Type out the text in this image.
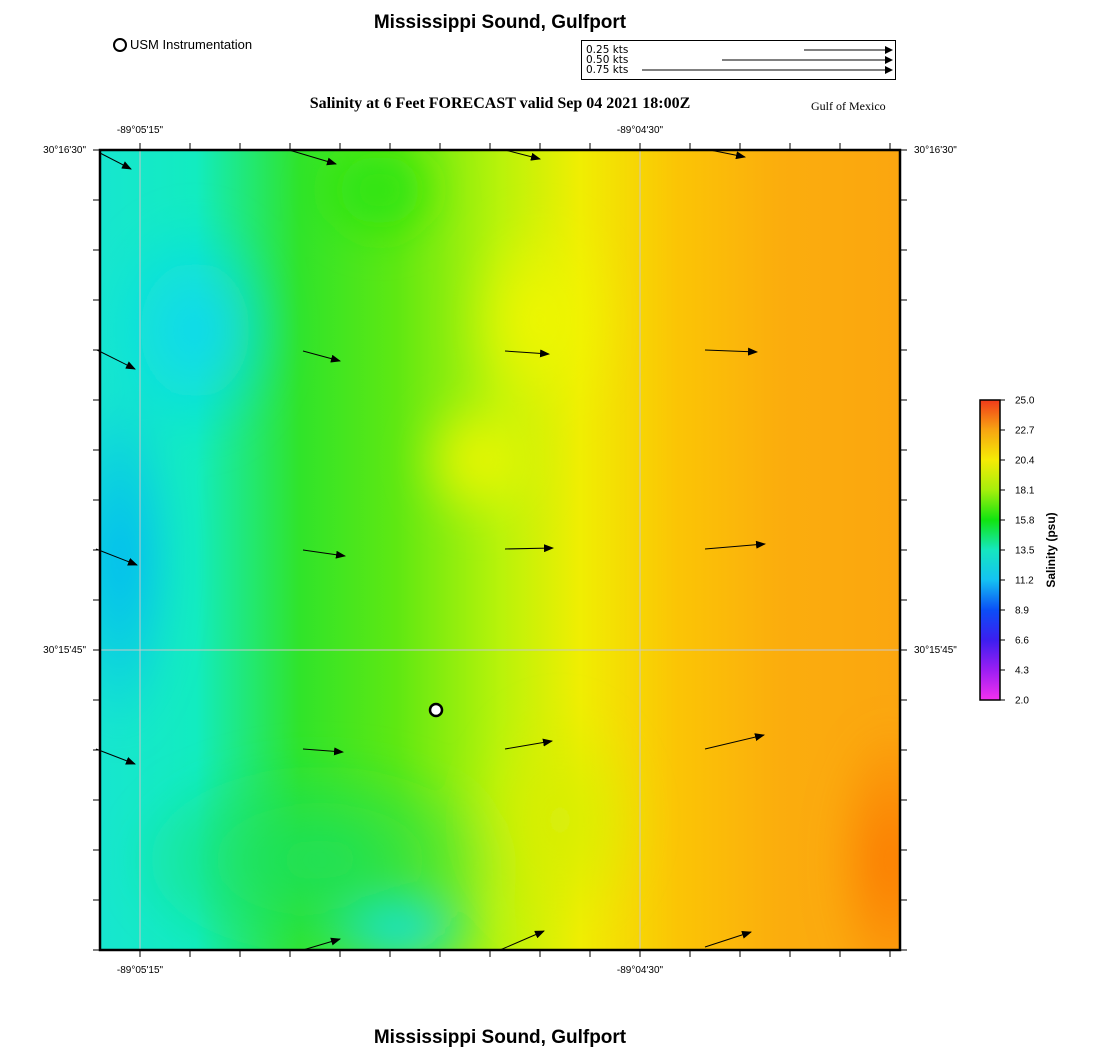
Mississippi Sound, Gulfport
USM Instrumentation	0.25 kts
0.50 kts
0.75 kts
Salinity at 6 Feet FORECAST valid Sep 04 2021 18:00Z	Gulf of Mexico
-89°05'15"	-89°04'30"
-89°05'15"	-89°04'30"
30°16'30"
30°15'45"
30°16'30"
30°15'45"
25.0
22.7
20.4
18.1
15.8
13.5
11.2
8.9
6.6
4.3
2.0
Salinity (psu)
Mississippi Sound, Gulfport
